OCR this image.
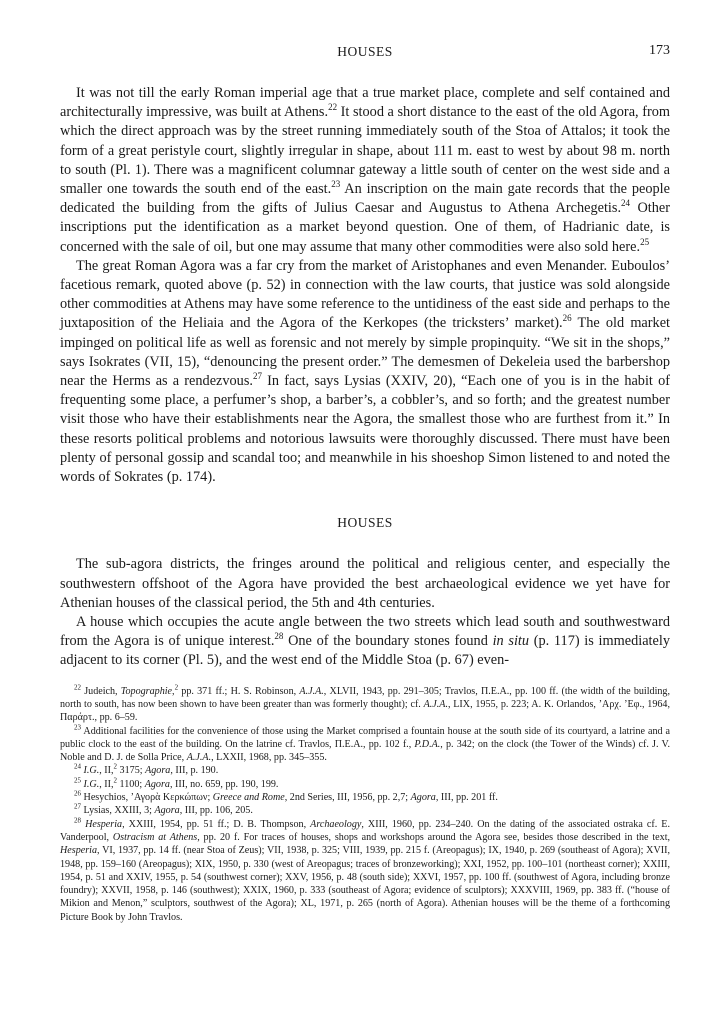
HOUSES	173

It was not till the early Roman imperial age that a true market place, complete and self contained and architecturally impressive, was built at Athens.$^{22}$ It stood a short distance to the east of the old Agora, from which the direct approach was by the street running immediately south of the Stoa of Attalos; it took the form of a great peristyle court, slightly irregular in shape, about 111 m. east to west by about 98 m. north to south (Pl. 1). There was a magnificent columnar gateway a little south of center on the west side and a smaller one towards the south end of the east.$^{23}$ An inscription on the main gate records that the people dedicated the building from the gifts of Julius Caesar and Augustus to Athena Archegetis.$^{24}$ Other inscriptions put the identification as a market beyond question. One of them, of Hadrianic date, is concerned with the sale of oil, but one may assume that many other commodities were also sold here.$^{25}$

The great Roman Agora was a far cry from the market of Aristophanes and even Menander. Euboulos’ facetious remark, quoted above (p. 52) in connection with the law courts, that justice was sold alongside other commodities at Athens may have some reference to the untidiness of the east side and perhaps to the juxtaposition of the Heliaia and the Agora of the Kerkopes (the tricksters’ market).$^{26}$ The old market impinged on political life as well as forensic and not merely by simple propinquity. “We sit in the shops,” says Isokrates (VII, 15), “denouncing the present order.” The demesmen of Dekeleia used the barbershop near the Herms as a rendezvous.$^{27}$ In fact, says Lysias (XXIV, 20), “Each one of you is in the habit of frequenting some place, a perfumer’s shop, a barber’s, a cobbler’s, and so forth; and the greatest number visit those who have their establishments near the Agora, the smallest those who are furthest from it.” In these resorts political problems and notorious lawsuits were thoroughly discussed. There must have been plenty of personal gossip and scandal too; and meanwhile in his shoeshop Simon listened to and noted the words of Sokrates (p. 174).

HOUSES

The sub-agora districts, the fringes around the political and religious center, and especially the southwestern offshoot of the Agora have provided the best archaeological evidence we yet have for Athenian houses of the classical period, the 5th and 4th centuries.

A house which occupies the acute angle between the two streets which lead south and southwestward from the Agora is of unique interest.$^{28}$ One of the boundary stones found in situ (p. 117) is immediately adjacent to its corner (Pl. 5), and the west end of the Middle Stoa (p. 67) even-

$^{22}$ Judeich, Topographie,$^2$ pp. 371 ff.; H. S. Robinson, A.J.A., XLVII, 1943, pp. 291–305; Travlos, Π.Ε.Α., pp. 100 ff. (the width of the building, north to south, has now been shown to have been greater than was formerly thought); cf. A.J.A., LIX, 1955, p. 223; A. K. Orlandos, ’Αρχ. ’Εφ., 1964, Παράρτ., pp. 6–59.

$^{23}$ Additional facilities for the convenience of those using the Market comprised a fountain house at the south side of its courtyard, a latrine and a public clock to the east of the building. On the latrine cf. Travlos, Π.Ε.Α., pp. 102 f., P.D.A., p. 342; on the clock (the Tower of the Winds) cf. J. V. Noble and D. J. de Solla Price, A.J.A., LXXII, 1968, pp. 345–355.

$^{24}$ I.G., II,$^2$ 3175; Agora, III, p. 190.

$^{25}$ I.G., II,$^2$ 1100; Agora, III, no. 659, pp. 190, 199.

$^{26}$ Hesychios, ’Αγορὰ Κερκώπων; Greece and Rome, 2nd Series, III, 1956, pp. 2,7; Agora, III, pp. 201 ff.

$^{27}$ Lysias, XXIII, 3; Agora, III, pp. 106, 205.

$^{28}$ Hesperia, XXIII, 1954, pp. 51 ff.; D. B. Thompson, Archaeology, XIII, 1960, pp. 234–240. On the dating of the associated ostraka cf. E. Vanderpool, Ostracism at Athens, pp. 20 f. For traces of houses, shops and workshops around the Agora see, besides those described in the text, Hesperia, VI, 1937, pp. 14 ff. (near Stoa of Zeus); VII, 1938, p. 325; VIII, 1939, pp. 215 f. (Areopagus); IX, 1940, p. 269 (southeast of Agora); XVII, 1948, pp. 159–160 (Areopagus); XIX, 1950, p. 330 (west of Areopagus; traces of bronzeworking); XXI, 1952, pp. 100–101 (northeast corner); XXIII, 1954, p. 51 and XXIV, 1955, p. 54 (southwest corner); XXV, 1956, p. 48 (south side); XXVI, 1957, pp. 100 ff. (southwest of Agora, including bronze foundry); XXVII, 1958, p. 146 (southwest); XXIX, 1960, p. 333 (southeast of Agora; evidence of sculptors); XXXVIII, 1969, pp. 383 ff. (“house of Mikion and Menon,” sculptors, southwest of the Agora); XL, 1971, p. 265 (north of Agora). Athenian houses will be the theme of a forthcoming Picture Book by John Travlos.
